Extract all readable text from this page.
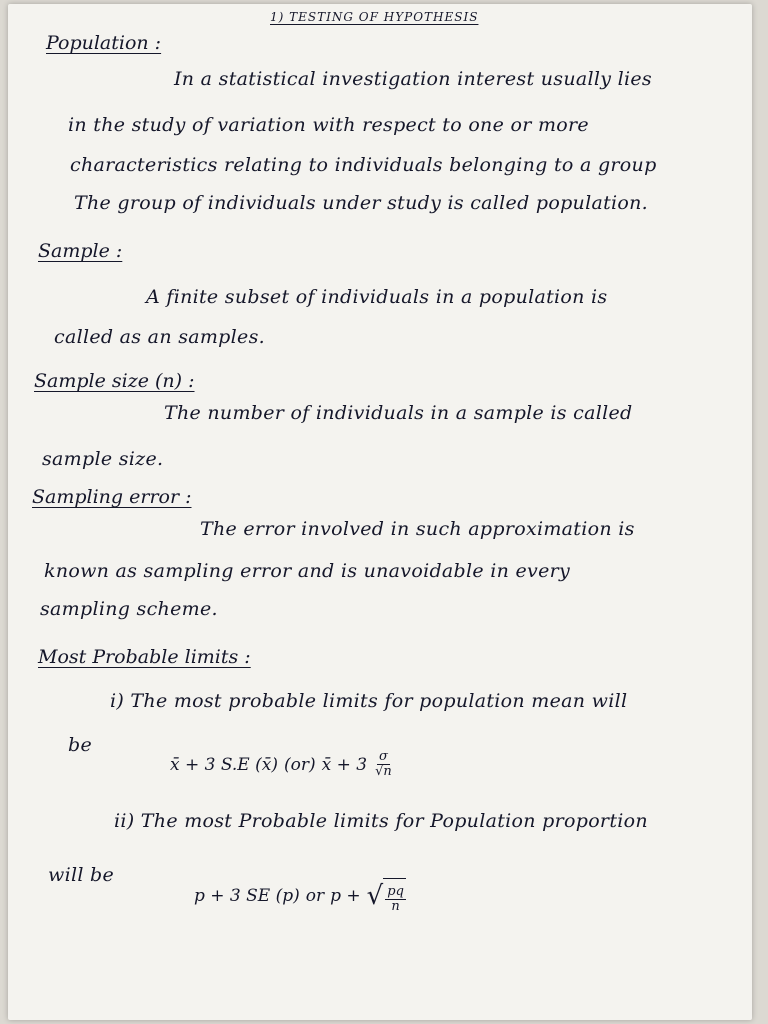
1) TESTING OF HYPOTHESIS
Population :
In a statistical investigation interest usually lies
in the study of variation with respect to one or more
characteristics relating to individuals belonging to a group
The group of individuals under study is called population.
Sample :
A finite subset of individuals in a population is
called as an samples.
Sample size (n) :
The number of individuals in a sample is called
sample size.
Sampling error :
The error involved in such approximation is
known as sampling error and is unavoidable in every
sampling scheme.
Most Probable limits :
i) The most probable limits for population mean will
be
x̄ + 3 S.E (x̄) (or) x̄ + $3 \frac{\sigma}{√n}$
ii) The most Probable limits for Population proportion
will be
p + 3 SE (p) or p + √ $\frac{pq}{n}$
